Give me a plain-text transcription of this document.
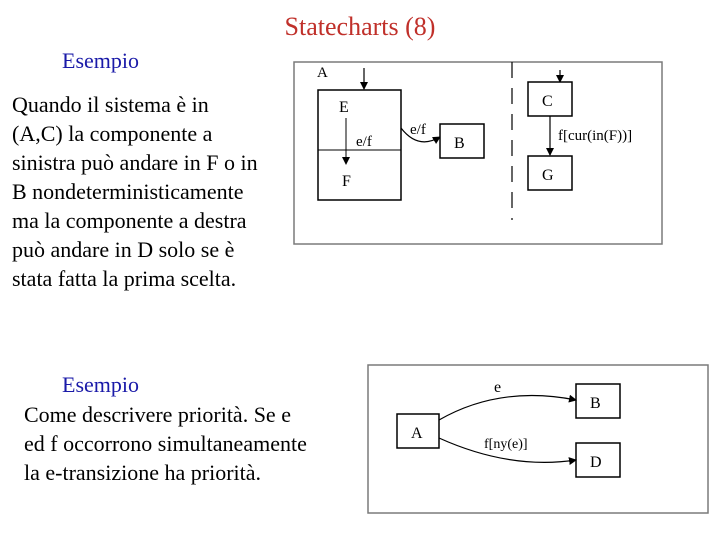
Statecharts (8)
Esempio
Quando il sistema è in
(A,C) la componente a
sinistra può andare in F o in
B nondeterministicamente
ma la componente a destra
può andare in D solo se è
stata fatta la prima scelta.
A
E
e/f
F
e/f
B
C
f[cur(in(F))]
G
Esempio
Come descrivere priorità. Se e
ed f occorrono simultaneamente
la e-transizione ha priorità.
A
B
D
e
f[ny(e)]
